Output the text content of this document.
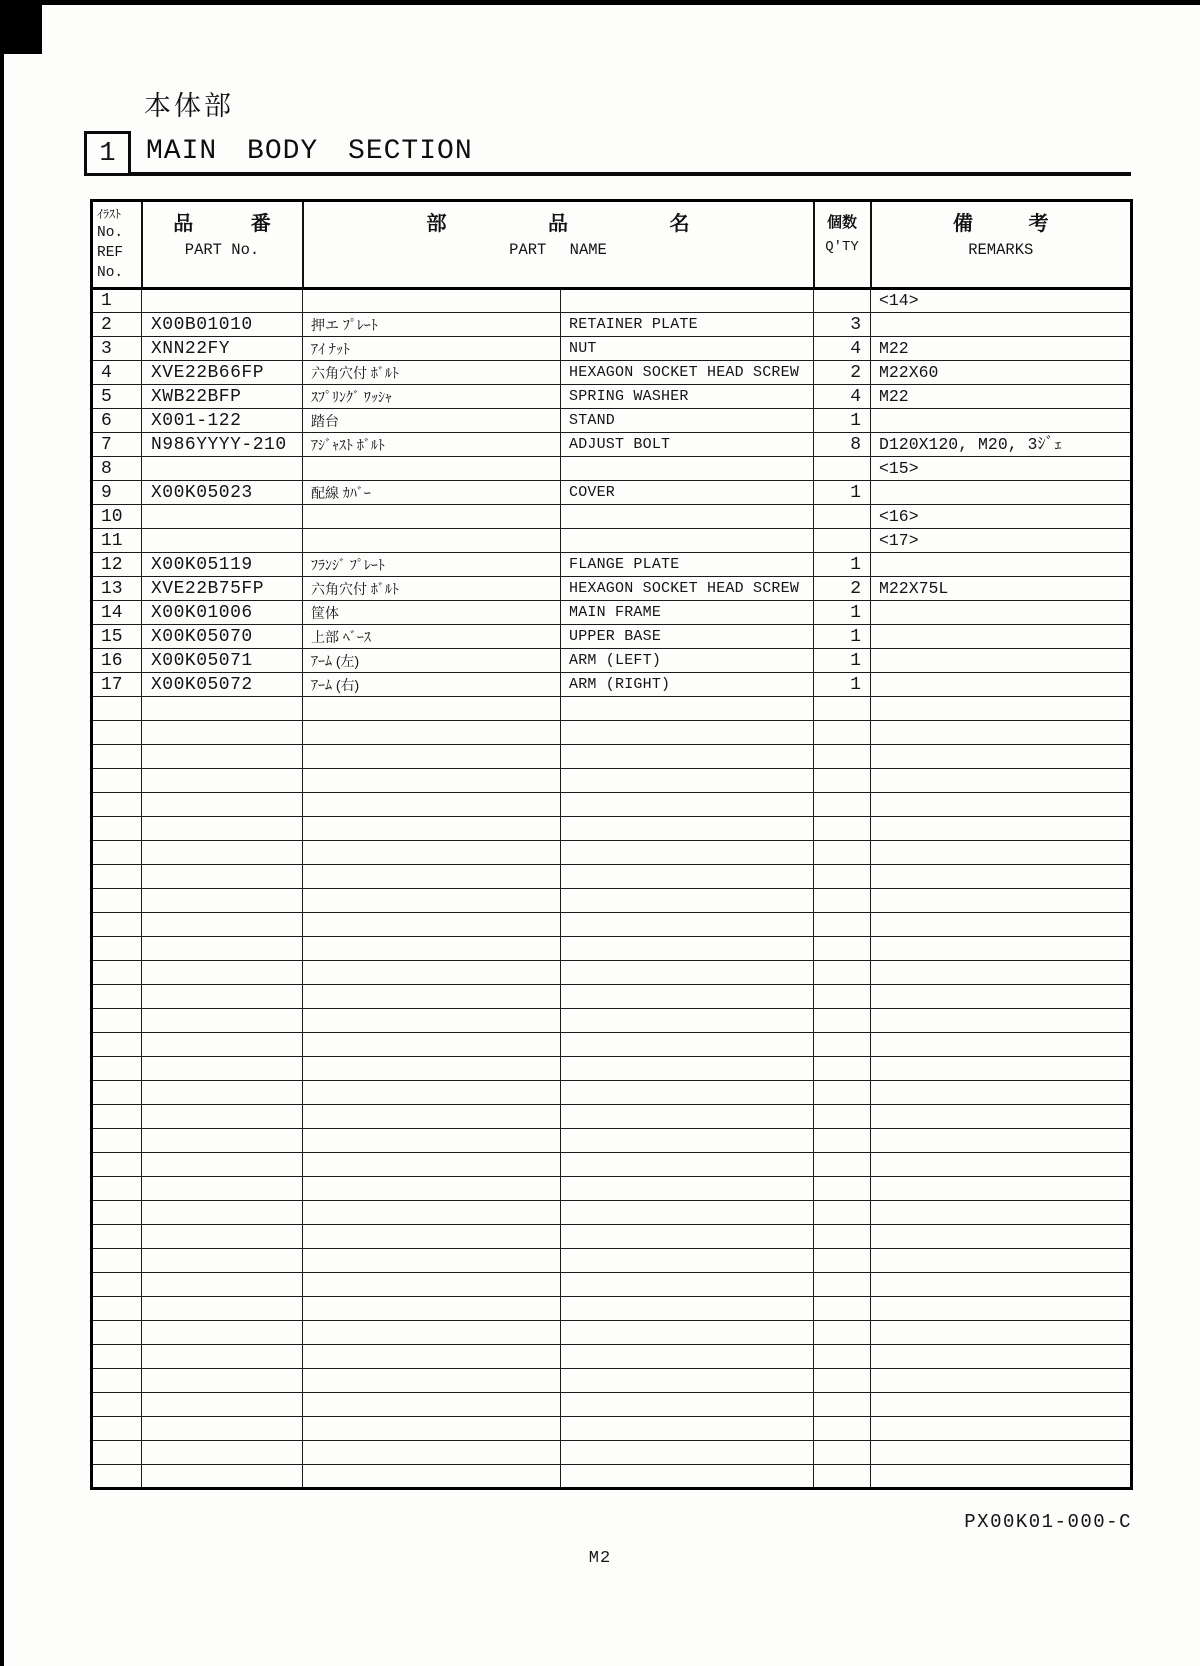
本体部
1 MAIN BODY SECTION
ｲﾗｽﾄ
No.
REF
No.

品 番
PART No.

部 品 名
PART NAME

個数
Q'TY

備 考
REMARKS

1					<14>
2	X00B01010	押エ ﾌﾟﾚｰﾄ	RETAINER PLATE	3	
3	XNN22FY	ｱｲ ﾅｯﾄ	NUT	4	M22
4	XVE22B66FP	六角穴付 ﾎﾞﾙﾄ	HEXAGON SOCKET HEAD SCREW	2	M22X60
5	XWB22BFP	ｽﾌﾟﾘﾝｸﾞ ﾜｯｼｬ	SPRING WASHER	4	M22
6	X001-122	踏台	STAND	1	
7	N986YYYY-210	ｱｼﾞｬｽﾄ ﾎﾞﾙﾄ	ADJUST BOLT	8	D120X120, M20, 3ｼﾞｪ
8					<15>
9	X00K05023	配線 ｶﾊﾞｰ	COVER	1	
10					<16>
11					<17>
12	X00K05119	ﾌﾗﾝｼﾞ ﾌﾟﾚｰﾄ	FLANGE PLATE	1	
13	XVE22B75FP	六角穴付 ﾎﾞﾙﾄ	HEXAGON SOCKET HEAD SCREW	2	M22X75L
14	X00K01006	筐体	MAIN FRAME	1	
15	X00K05070	上部 ﾍﾞｰｽ	UPPER BASE	1	
16	X00K05071	ｱｰﾑ (左)	ARM (LEFT)	1	
17	X00K05072	ｱｰﾑ (右)	ARM (RIGHT)	1	

PX00K01-000-C
M2
